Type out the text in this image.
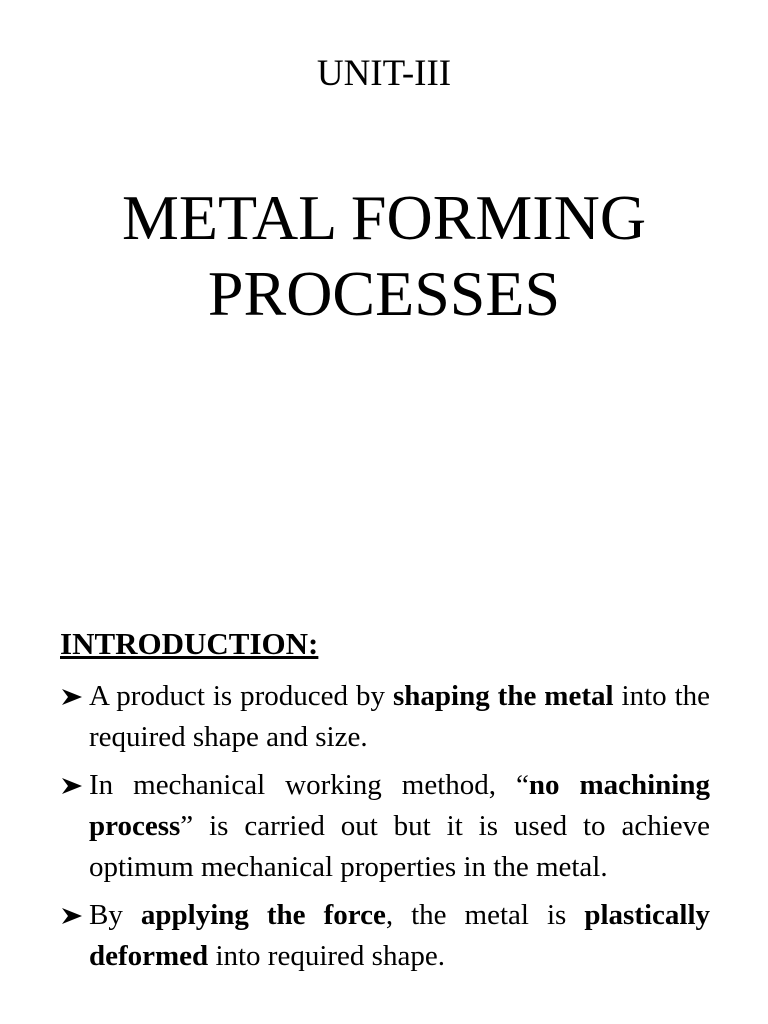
UNIT-III
METAL FORMING
PROCESSES
INTRODUCTION:
A product is produced by shaping the metal into the required shape and size.
In mechanical working method, “no machining process” is carried out but it is used to achieve optimum mechanical properties in the metal.
By applying the force, the metal is plastically deformed into required shape.
